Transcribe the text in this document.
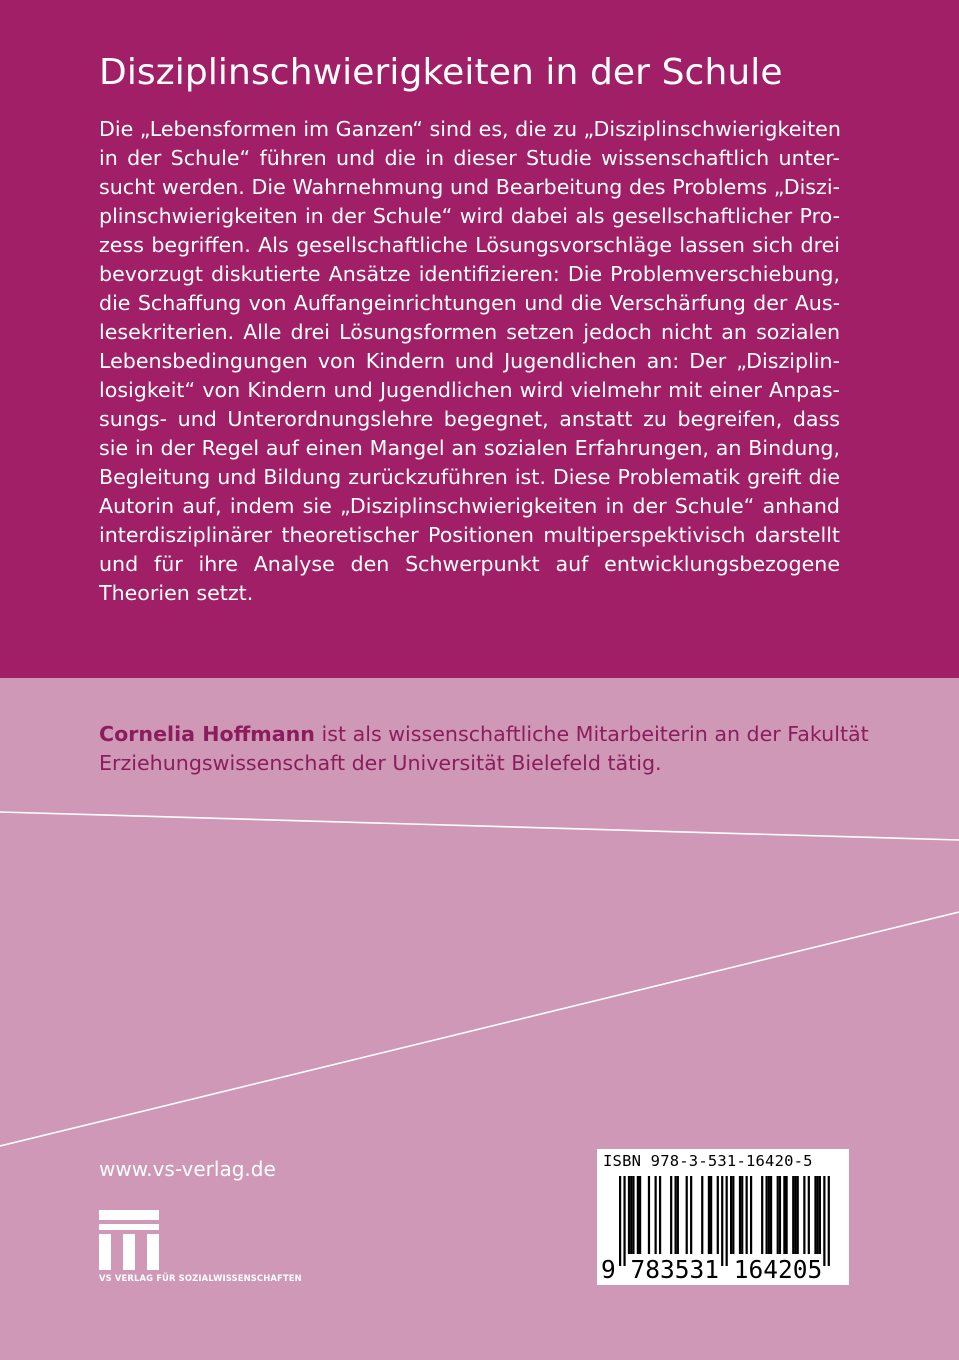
Disziplinschwierigkeiten in der Schule
Die „Lebensformen im Ganzen“ sind es, die zu „Disziplinschwierigkeiten
in der Schule“ führen und die in dieser Studie wissenschaftlich unter-
sucht werden. Die Wahrnehmung und Bearbeitung des Problems „Diszi-
plinschwierigkeiten in der Schule“ wird dabei als gesellschaftlicher Pro-
zess begriffen. Als gesellschaftliche Lösungsvorschläge lassen sich drei
bevorzugt diskutierte Ansätze identifizieren: Die Problemverschiebung,
die Schaffung von Auffangeinrichtungen und die Verschärfung der Aus-
lesekriterien. Alle drei Lösungsformen setzen jedoch nicht an sozialen
Lebensbedingungen von Kindern und Jugendlichen an: Der „Disziplin-
losigkeit“ von Kindern und Jugendlichen wird vielmehr mit einer Anpas-
sungs- und Unterordnungslehre begegnet, anstatt zu begreifen, dass
sie in der Regel auf einen Mangel an sozialen Erfahrungen, an Bindung,
Begleitung und Bildung zurückzuführen ist. Diese Problematik greift die
Autorin auf, indem sie „Disziplinschwierigkeiten in der Schule“ anhand
interdisziplinärer theoretischer Positionen multiperspektivisch darstellt
und für ihre Analyse den Schwerpunkt auf entwicklungsbezogene
Theorien setzt.
Cornelia Hoffmann ist als wissenschaftliche Mitarbeiterin an der Fakultät
Erziehungswissenschaft der Universität Bielefeld tätig.
www.vs-verlag.de
VS VERLAG FÜR SOZIALWISSENSCHAFTEN
ISBN 978-3-531-16420-5
9 783531 164205
